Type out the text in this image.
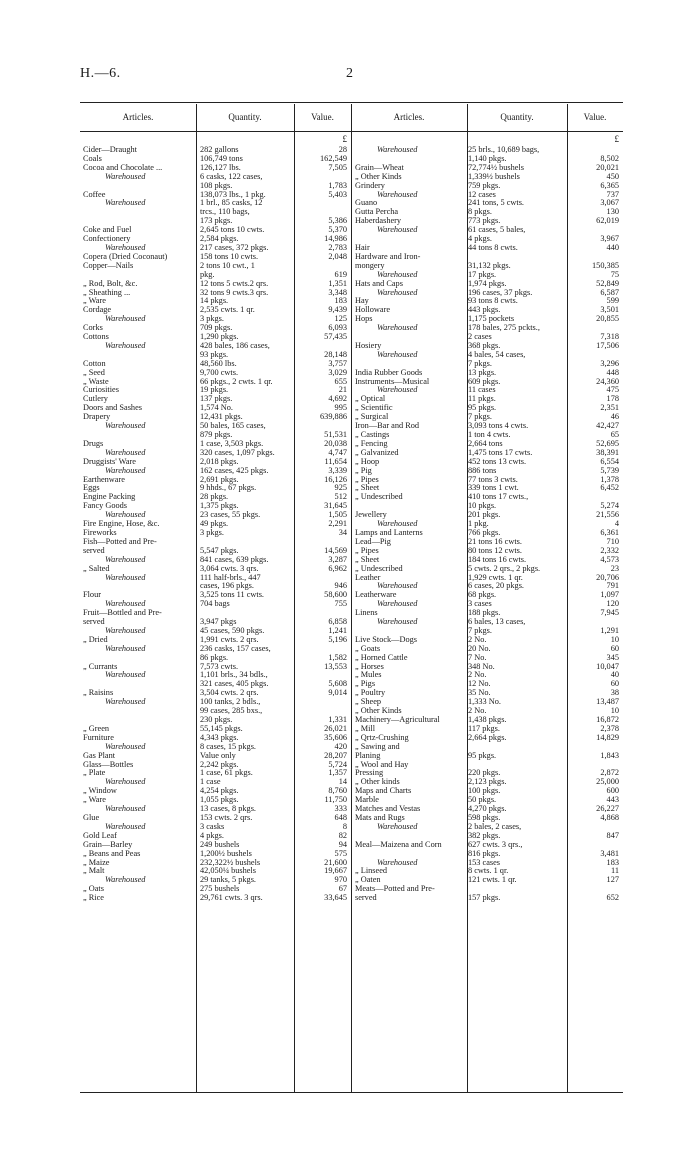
H.—6.	2
Articles.	Quantity.	Value.	Articles.	Quantity.	Value.
£	£
Cider—Draught	282 gallons	28
Coals	106,749 tons	162,549
Cocoa and Chocolate ...	126,127 lbs.	7,505
Warehoused	6 casks, 122 cases,
108 pkgs.	1,783
Coffee	138,073 lbs., 1 pkg.	5,403
Warehoused	1 brl., 85 casks, 12
trcs., 110 bags,
173 pkgs.	5,386
Coke and Fuel	2,645 tons 10 cwts.	5,370
Confectionery	2,584 pkgs.	14,986
Warehoused	217 cases, 372 pkgs.	2,783
Copera (Dried Coconaut)	158 tons 10 cwts.	2,048
Copper—Nails	2 tons 10 cwt., 1
pkg.	619
„ Rod, Bolt, &c.	12 tons 5 cwts.2 qrs.	1,351
„ Sheathing ...	32 tons 9 cwts.3 qrs.	3,348
„ Ware	14 pkgs.	183
Cordage	2,535 cwts. 1 qr.	9,439
Warehoused	3 pkgs.	125
Corks	709 pkgs.	6,093
Cottons	1,290 pkgs.	57,435
Warehoused	428 bales, 186 cases,
93 pkgs.	28,148
Cotton	48,560 lbs.	3,757
„ Seed	9,700 cwts.	3,029
„ Waste	66 pkgs., 2 cwts. 1 qr.	655
Curiosities	19 pkgs.	21
Cutlery	137 pkgs.	4,692
Doors and Sashes	1,574 No.	995
Drapery	12,431 pkgs.	639,886
Warehoused	50 bales, 165 cases,
879 pkgs.	51,531
Drugs	1 case, 3,503 pkgs.	20,038
Warehoused	320 cases, 1,097 pkgs.	4,747
Druggists' Ware	2,018 pkgs.	11,654
Warehoused	162 cases, 425 pkgs.	3,339
Earthenware	2,691 pkgs.	16,126
Eggs	9 hhds., 67 pkgs.	925
Engine Packing	28 pkgs.	512
Fancy Goods	1,375 pkgs.	31,645
Warehoused	23 cases, 55 pkgs.	1,505
Fire Engine, Hose, &c.	49 pkgs.	2,291
Fireworks	3 pkgs.	34
Fish—Potted and Pre-
served	5,547 pkgs.	14,569
Warehoused	841 cases, 639 pkgs.	3,287
„ Salted	3,064 cwts. 3 qrs.	6,962
Warehoused	111 half-brls., 447
cases, 196 pkgs.	946
Flour	3,525 tons 11 cwts.	58,600
Warehoused	704 bags	755
Fruit—Bottled and Pre-
served	3,947 pkgs	6,858
Warehoused	45 cases, 590 pkgs.	1,241
„ Dried	1,991 cwts. 2 qrs.	5,196
Warehoused	236 casks, 157 cases,
86 pkgs.	1,582
„ Currants	7,573 cwts.	13,553
Warehoused	1,101 brls., 34 bdls.,
321 cases, 405 pkgs.	5,608
„ Raisins	3,504 cwts. 2 qrs.	9,014
Warehoused	100 tanks, 2 bdls.,
99 cases, 285 bxs.,
230 pkgs.	1,331
„ Green	55,145 pkgs.	26,021
Furniture	4,343 pkgs.	35,606
Warehoused	8 cases, 15 pkgs.	420
Gas Plant	Value only	28,207
Glass—Bottles	2,242 pkgs.	5,724
„ Plate	1 case, 61 pkgs.	1,357
Warehoused	1 case	14
„ Window	4,254 pkgs.	8,760
„ Ware	1,055 pkgs.	11,750
Warehoused	13 cases, 8 pkgs.	333
Glue	153 cwts. 2 qrs.	648
Warehoused	3 casks	8
Gold Leaf	4 pkgs.	82
Grain—Barley	249 bushels	94
„ Beans and Peas	1,200½ bushels	575
„ Maize	232,322½ bushels	21,600
„ Malt	42,050¼ bushels	19,667
Warehoused	29 tanks, 5 pkgs.	970
„ Oats	275 bushels	67
„ Rice	29,761 cwts. 3 qrs.	33,645
Warehoused	25 brls., 10,689 bags,
1,140 pkgs.	8,502
Grain—Wheat	72,774½ bushels	20,021
„ Other Kinds	1,339½ bushels	450
Grindery	759 pkgs.	6,365
Warehoused	12 cases	737
Guano	241 tons, 5 cwts.	3,067
Gutta Percha	8 pkgs.	130
Haberdashery	773 pkgs.	62,019
Warehoused	61 cases, 5 bales,
4 pkgs.	3,967
Hair	44 tons 8 cwts.	440
Hardware and Iron-
mongery	31,132 pkgs.	150,385
Warehoused	17 pkgs.	75
Hats and Caps	1,974 pkgs.	52,849
Warehoused	196 cases, 37 pkgs.	6,587
Hay	93 tons 8 cwts.	599
Holloware	443 pkgs.	3,501
Hops	1,175 pockets	20,855
Warehoused	178 bales, 275 pckts.,
2 cases	7,318
Hosiery	368 pkgs.	17,506
Warehoused	4 bales, 54 cases,
7 pkgs.	3,296
India Rubber Goods	13 pkgs.	448
Instruments—Musical	609 pkgs.	24,360
Warehoused	11 cases	475
„ Optical	11 pkgs.	178
„ Scientific	95 pkgs.	2,351
„ Surgical	7 pkgs.	46
Iron—Bar and Rod	3,093 tons 4 cwts.	42,427
„ Castings	1 ton 4 cwts.	65
„ Fencing	2,664 tons	52,695
„ Galvanized	1,475 tons 17 cwts.	38,391
„ Hoop	452 tons 13 cwts.	6,554
„ Pig	886 tons	5,739
„ Pipes	77 tons 3 cwts.	1,378
„ Sheet	339 tons 1 cwt.	6,452
„ Undescribed	410 tons 17 cwts.,
10 pkgs.	5,274
Jewellery	201 pkgs.	21,556
Warehoused	1 pkg.	4
Lamps and Lanterns	766 pkgs.	6,361
Lead—Pig	21 tons 16 cwts.	710
„ Pipes	80 tons 12 cwts.	2,332
„ Sheet	184 tons 16 cwts.	4,573
„ Undescribed	5 cwts. 2 qrs., 2 pkgs.	23
Leather	1,929 cwts. 1 qr.	20,706
Warehoused	6 cases, 20 pkgs.	791
Leatherware	68 pkgs.	1,097
Warehoused	3 cases	120
Linens	188 pkgs.	7,945
Warehoused	6 bales, 13 cases,
7 pkgs.	1,291
Live Stock—Dogs	2 No.	10
„ Goats	20 No.	60
„ Horned Cattle	7 No.	345
„ Horses	348 No.	10,047
„ Mules	2 No.	40
„ Pigs	12 No.	60
„ Poultry	35 No.	38
„ Sheep	1,333 No.	13,487
„ Other Kinds	2 No.	10
Machinery—Agricultural	1,438 pkgs.	16,872
„ Mill	117 pkgs.	2,378
„ Qrtz-Crushing	2,664 pkgs.	14,829
„ Sawing and
Planing	95 pkgs.	1,843
„ Wool and Hay
Pressing	220 pkgs.	2,872
„ Other kinds	2,123 pkgs.	25,000
Maps and Charts	100 pkgs.	600
Marble	50 pkgs.	443
Matches and Vestas	4,270 pkgs.	26,227
Mats and Rugs	598 pkgs.	4,868
Warehoused	2 bales, 2 cases,
382 pkgs.	847
Meal—Maizena and Corn	627 cwts. 3 qrs.,
816 pkgs.	3,481
Warehoused	153 cases	183
„ Linseed	8 cwts. 1 qr.	11
„ Oaten	121 cwts. 1 qr.	127
Meats—Potted and Pre-
served	157 pkgs.	652
